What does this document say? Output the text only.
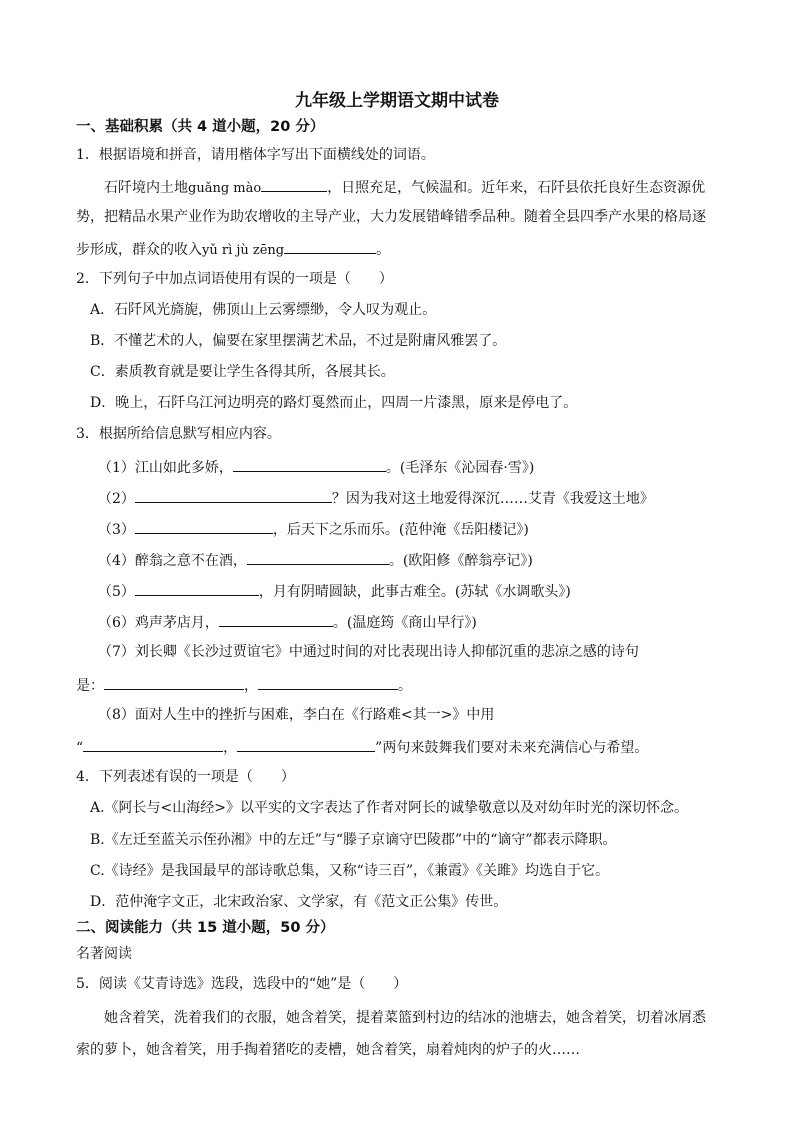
九年级上学期语文期中试卷
一、基础积累（共 4 道小题，20 分）
1．根据语境和拼音，请用楷体字写出下面横线处的词语。
石阡境内土地guǎng mào	，日照充足，气候温和。近年来，石阡县依托良好生态资源优
势，把精品水果产业作为助农增收的主导产业，大力发展错峰错季品种。随着全县四季产水果的格局逐
步形成，群众的收入yǔ rì jù zēng	。
2．下列句子中加点词语使用有误的一项是（　　）
A．石阡风光旖旎，佛顶山上云雾缥缈，令人叹为观止。
B．不懂艺术的人，偏要在家里摆满艺术品，不过是附庸风雅罢了。
C．素质教育就是要让学生各得其所，各展其长。
D．晚上，石阡乌江河边明亮的路灯戛然而止，四周一片漆黑，原来是停电了。
3．根据所给信息默写相应内容。
（1）江山如此多娇，	。(毛泽东《沁园春·雪》)
（2）	？因为我对这土地爱得深沉……艾青《我爱这土地》
（3）	，后天下之乐而乐。(范仲淹《岳阳楼记》)
（4）醉翁之意不在酒，	。(欧阳修《醉翁亭记》)
（5）	，月有阴晴圆缺，此事古难全。(苏轼《水调歌头》)
（6）鸡声茅店月，	。(温庭筠《商山早行》)
（7）刘长卿《长沙过贾谊宅》中通过时间的对比表现出诗人抑郁沉重的悲凉之感的诗句
是：	，	。
（8）面对人生中的挫折与困难，李白在《行路难<其一>》中用
“	，	”两句来鼓舞我们要对未来充满信心与希望。
4．下列表述有误的一项是（　　）
A.《阿长与<山海经>》以平实的文字表达了作者对阿长的诚挚敬意以及对幼年时光的深切怀念。
B.《左迁至蓝关示侄孙湘》中的左迁”与“滕子京谪守巴陵郡”中的“谪守”都表示降职。
C.《诗经》是我国最早的部诗歌总集，又称“诗三百”，《兼霞》《关雎》均选自于它。
D．范仲淹字文正，北宋政治家、文学家，有《范文正公集》传世。
二、阅读能力（共 15 道小题，50 分）
名著阅读
5．阅读《艾青诗选》选段，选段中的“她”是（　　）
她含着笑，洗着我们的衣服，她含着笑，提着菜篮到村边的结冰的池塘去，她含着笑，切着冰屑悉
索的萝卜，她含着笑，用手掏着猪吃的麦槽，她含着笑，扇着炖肉的炉子的火……
